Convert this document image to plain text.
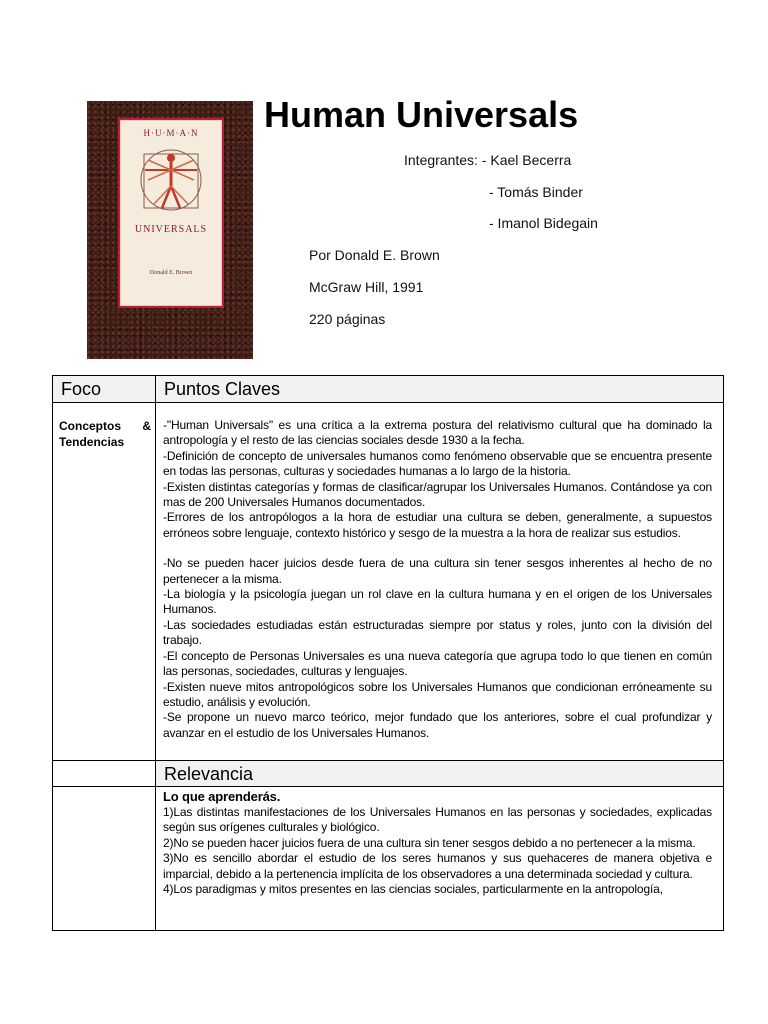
H·U·M·A·N
UNIVERSALS
Donald E. Brown
Human Universals
Integrantes: - Kael Becerra
- Tomás Binder
- Imanol Bidegain
Por Donald E. Brown
McGraw Hill, 1991
220 páginas
Foco	Puntos Claves
Conceptos &
Tendencias

-"Human Universals" es una crítica a la extrema postura del relativismo cultural que ha dominado la antropología y el resto de las ciencias sociales desde 1930 a la fecha.

-Definición de concepto de universales humanos como fenómeno observable que se encuentra presente en todas las personas, culturas y sociedades humanas a lo largo de la historia.

-Existen distintas categorías y formas de clasificar/agrupar los Universales Humanos. Contándose ya con mas de 200 Universales Humanos documentados.

-Errores de los antropólogos a la hora de estudiar una cultura se deben, generalmente, a supuestos erróneos sobre lenguaje, contexto histórico y sesgo de la muestra a la hora de realizar sus estudios.

-No se pueden hacer juicios desde fuera de una cultura sin tener sesgos inherentes al hecho de no pertenecer a la misma.

-La biología y la psicología juegan un rol clave en la cultura humana y en el origen de los Universales Humanos.

-Las sociedades estudiadas están estructuradas siempre por status y roles, junto con la división del trabajo.

-El concepto de Personas Universales es una nueva categoría que agrupa todo lo que tienen en común las personas, sociedades, culturas y lenguajes.

-Existen nueve mitos antropológicos sobre los Universales Humanos que condicionan erróneamente su estudio, análisis y evolución.

-Se propone un nuevo marco teórico, mejor fundado que los anteriores, sobre el cual profundizar y avanzar en el estudio de los Universales Humanos.

Relevancia

Lo que aprenderás.

1)Las distintas manifestaciones de los Universales Humanos en las personas y sociedades, explicadas según sus orígenes culturales y biológico.

2)No se pueden hacer juicios fuera de una cultura sin tener sesgos debido a no pertenecer a la misma.

3)No es sencillo abordar el estudio de los seres humanos y sus quehaceres de manera objetiva e imparcial, debido a la pertenencia implícita de los observadores a una determinada sociedad y cultura.

4)Los paradigmas y mitos presentes en las ciencias sociales, particularmente en la antropología,
